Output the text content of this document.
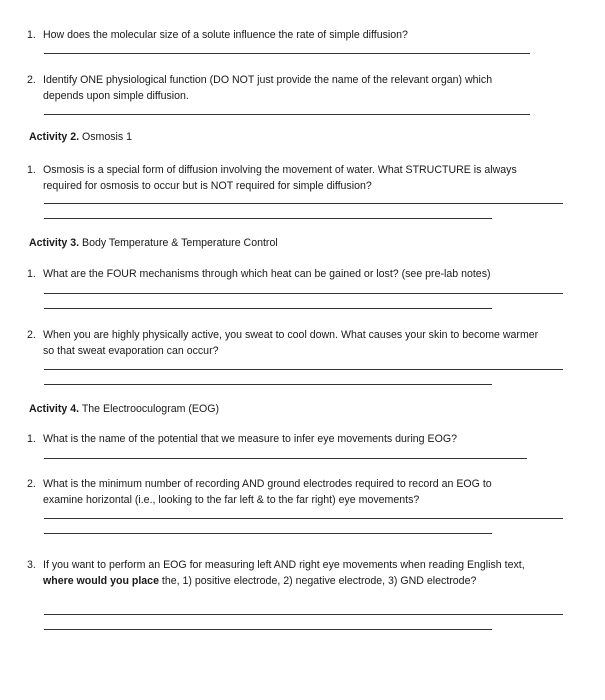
1. How does the molecular size of a solute influence the rate of simple diffusion?
2. Identify ONE physiological function (DO NOT just provide the name of the relevant organ) which depends upon simple diffusion.
Activity 2. Osmosis 1
1. Osmosis is a special form of diffusion involving the movement of water. What STRUCTURE is always required for osmosis to occur but is NOT required for simple diffusion?
Activity 3. Body Temperature & Temperature Control
1. What are the FOUR mechanisms through which heat can be gained or lost? (see pre-lab notes)
2. When you are highly physically active, you sweat to cool down. What causes your skin to become warmer so that sweat evaporation can occur?
Activity 4. The Electrooculogram (EOG)
1. What is the name of the potential that we measure to infer eye movements during EOG?
2. What is the minimum number of recording AND ground electrodes required to record an EOG to examine horizontal (i.e., looking to the far left & to the far right) eye movements?
3. If you want to perform an EOG for measuring left AND right eye movements when reading English text, where would you place the, 1) positive electrode, 2) negative electrode, 3) GND electrode?
